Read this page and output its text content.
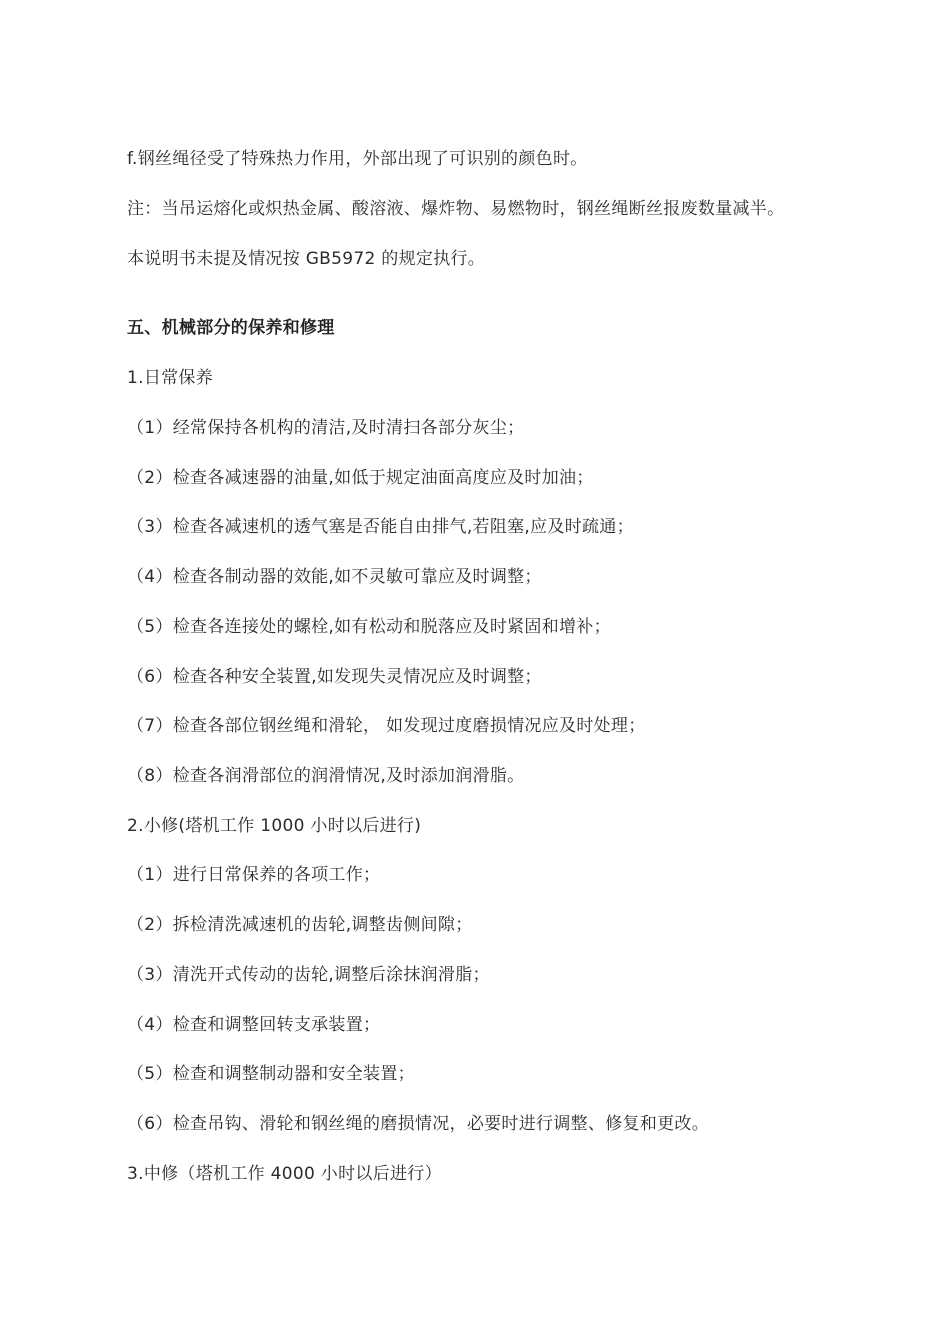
f.钢丝绳径受了特殊热力作用，外部出现了可识别的颜色时。
注：当吊运熔化或炽热金属、酸溶液、爆炸物、易燃物时，钢丝绳断丝报废数量减半。
本说明书未提及情况按 GB5972 的规定执行。
五、机械部分的保养和修理
1.日常保养
（1）经常保持各机构的清洁,及时清扫各部分灰尘；
（2）检查各减速器的油量,如低于规定油面高度应及时加油；
（3）检查各减速机的透气塞是否能自由排气,若阻塞,应及时疏通；
（4）检查各制动器的效能,如不灵敏可靠应及时调整；
（5）检查各连接处的螺栓,如有松动和脱落应及时紧固和增补；
（6）检查各种安全装置,如发现失灵情况应及时调整；
（7）检查各部位钢丝绳和滑轮， 如发现过度磨损情况应及时处理；
（8）检查各润滑部位的润滑情况,及时添加润滑脂。
2.小修(塔机工作 1000 小时以后进行)
（1）进行日常保养的各项工作；
（2）拆检清洗减速机的齿轮,调整齿侧间隙；
（3）清洗开式传动的齿轮,调整后涂抹润滑脂；
（4）检查和调整回转支承装置；
（5）检查和调整制动器和安全装置；
（6）检查吊钩、滑轮和钢丝绳的磨损情况，必要时进行调整、修复和更改。
3.中修（塔机工作 4000 小时以后进行）
